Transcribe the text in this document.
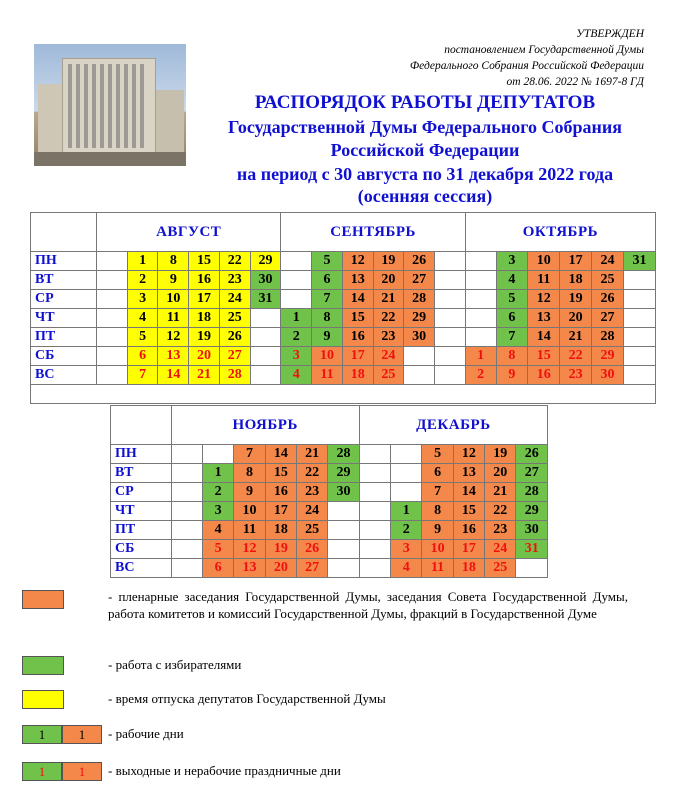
УТВЕРЖДЕН
постановлением Государственной Думы
Федерального Собрания Российской Федерации
от 28.06. 2022 № 1697-8 ГД
РАСПОРЯДОК РАБОТЫ ДЕПУТАТОВ
Государственной Думы Федерального Собрания
Российской Федерации
на период с 30 августа по 31 декабря 2022 года
(осенняя сессия)
	АВГУСТ						СЕНТЯБРЬ						ОКТЯБРЬ					
ПН		1	8	15	22	29		5	12	19	26			3	10	17	24	31
ВТ		2	9	16	23	30		6	13	20	27			4	11	18	25	
СР		3	10	17	24	31		7	14	21	28			5	12	19	26	
ЧТ		4	11	18	25		1	8	15	22	29			6	13	20	27	
ПТ		5	12	19	26		2	9	16	23	30			7	14	21	28	
СБ		6	13	20	27		3	10	17	24			1	8	15	22	29	
ВС		7	14	21	28		4	11	18	25			2	9	16	23	30	

	НОЯБРЬ						ДЕКАБРЬ					
ПН			7	14	21	28			5	12	19	26
ВТ		1	8	15	22	29			6	13	20	27
СР		2	9	16	23	30			7	14	21	28
ЧТ		3	10	17	24			1	8	15	22	29
ПТ		4	11	18	25			2	9	16	23	30
СБ		5	12	19	26			3	10	17	24	31
ВС		6	13	20	27			4	11	18	25	
- пленарные заседания Государственной Думы, заседания Совета Государственной Думы, работа комитетов и комиссий Государственной Думы, фракций в Государственной Думе
- работа с избирателями
- время отпуска депутатов Государственной Думы
1	1	- рабочие дни
1	1	- выходные и нерабочие праздничные дни
